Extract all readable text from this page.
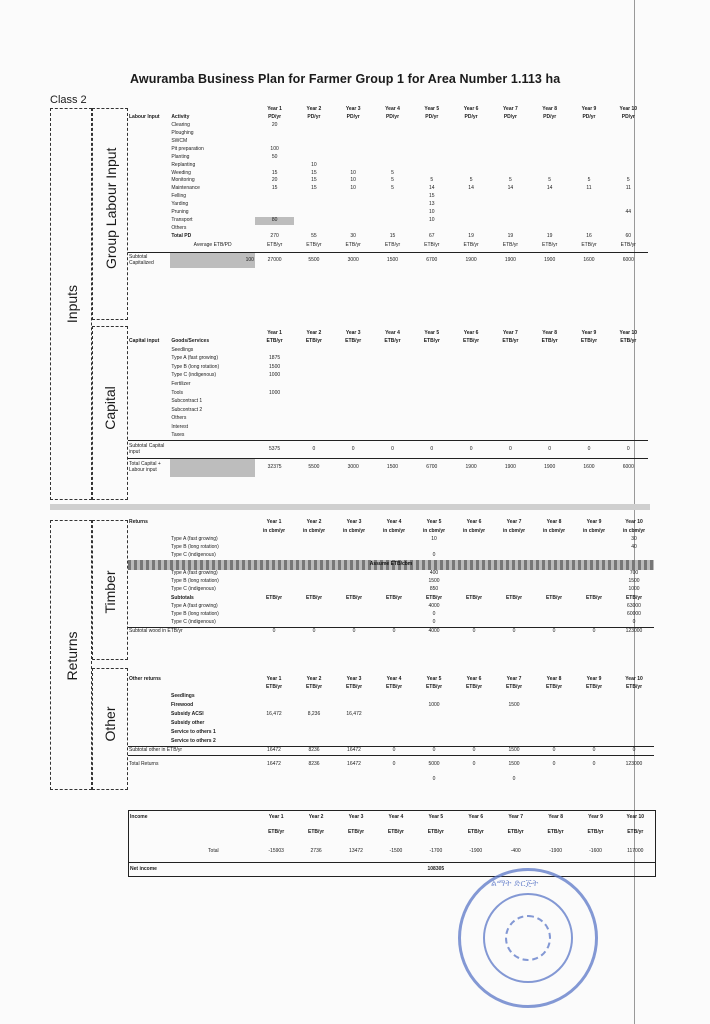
Awuramba Business Plan for Farmer Group 1 for Area Number 1.113 ha
Class 2
Inputs
Group Labour Input
Capital
Returns
Timber
Other
		Year 1	Year 2	Year 3	Year 4	Year 5	Year 6	Year 7	Year 8	Year 9	Year 10
Labour Input	Activity	PD/yr	PD/yr	PD/yr	PD/yr	PD/yr	PD/yr	PD/yr	PD/yr	PD/yr	PD/yr
	Clearing	20									
	Ploughing										
	SWCM										
	Pit preparation	100									
	Planting	50									
	Replanting		10								
	Weeding	15	15	10	5						
	Monitoring	20	15	10	5	5	5	5	5	5	5
	Maintenance	15	15	10	5	14	14	14	14	11	11
	Felling					15					
	Yarding					13					
	Pruning					10					44
	Transport	80				10					
	Others										
	Total PD	270	55	30	15	67	19	19	19	16	60
	Average ETB/PD	ETB/yr	ETB/yr	ETB/yr	ETB/yr	ETB/yr	ETB/yr	ETB/yr	ETB/yr	ETB/yr	ETB/yr
Subtotal Capitalized	100	27000	5500	3000	1500	6700	1900	1900	1900	1600	6000
		Year 1	Year 2	Year 3	Year 4	Year 5	Year 6	Year 7	Year 8	Year 9	Year 10
Capital input	Goods/Services	ETB/yr	ETB/yr	ETB/yr	ETB/yr	ETB/yr	ETB/yr	ETB/yr	ETB/yr	ETB/yr	ETB/yr
	Seedlings										
	Type A (fast growing)	1875									
	Type B (long rotation)	1500									
	Type C (indigenous)	1000									
	Fertilizer										
	Tools	1000									
	Subcontract 1										
	Subcontract 2										
	Others										
	Interest										
	Taxes										
Subtotal Capital input		5375	0	0	0	0	0	0	0	0	0
Total Capital + Labour input		32375	5500	3000	1500	6700	1900	1900	1900	1600	6000
Returns		Year 1	Year 2	Year 3	Year 4	Year 5	Year 6	Year 7	Year 8	Year 9	Year 10
		in cbm/yr	in cbm/yr	in cbm/yr	in cbm/yr	in cbm/yr	in cbm/yr	in cbm/yr	in cbm/yr	in cbm/yr	in cbm/yr
	Type A (fast growing)					10					30
	Type B (long rotation)										40
	Type C (indigenous)					0					
Assume ETB/cbm											
	Type A (fast growing)					400					700
	Type B (long rotation)					1500					1500
	Type C (indigenous)					850					1000
	Subtotals	ETB/yr	ETB/yr	ETB/yr	ETB/yr	ETB/yr	ETB/yr	ETB/yr	ETB/yr	ETB/yr	ETB/yr
	Type A (fast growing)					4000					63000
	Type B (long rotation)					0					60000
	Type C (indigenous)					0					0
Subtotal wood in ETB/yr		0	0	0	0	4000	0	0	0	0	123000
Other returns		Year 1	Year 2	Year 3	Year 4	Year 5	Year 6	Year 7	Year 8	Year 9	Year 10
		ETB/yr	ETB/yr	ETB/yr	ETB/yr	ETB/yr	ETB/yr	ETB/yr	ETB/yr	ETB/yr	ETB/yr
	Seedlings										
	Firewood					1000		1500			
	Subsidy ACSI	16,472	8,236	16,472							
	Subsidy other										
	Service to others 1										
	Service to others 2										
Subtotal other in ETB/yr		16472	8236	16472	0	0	0	1500	0	0	0
Total Returns		16472	8236	16472	0	5000	0	1500	0	0	123000
						0		0			
Income		Year 1	Year 2	Year 3	Year 4	Year 5	Year 6	Year 7	Year 8	Year 9	Year 10
		ETB/yr	ETB/yr	ETB/yr	ETB/yr	ETB/yr	ETB/yr	ETB/yr	ETB/yr	ETB/yr	ETB/yr
	Total	-15903	2736	13472	-1500	-1700	-1900	-400	-1900	-1600	117000
Net income						108305					
ልማት ድርጅት
